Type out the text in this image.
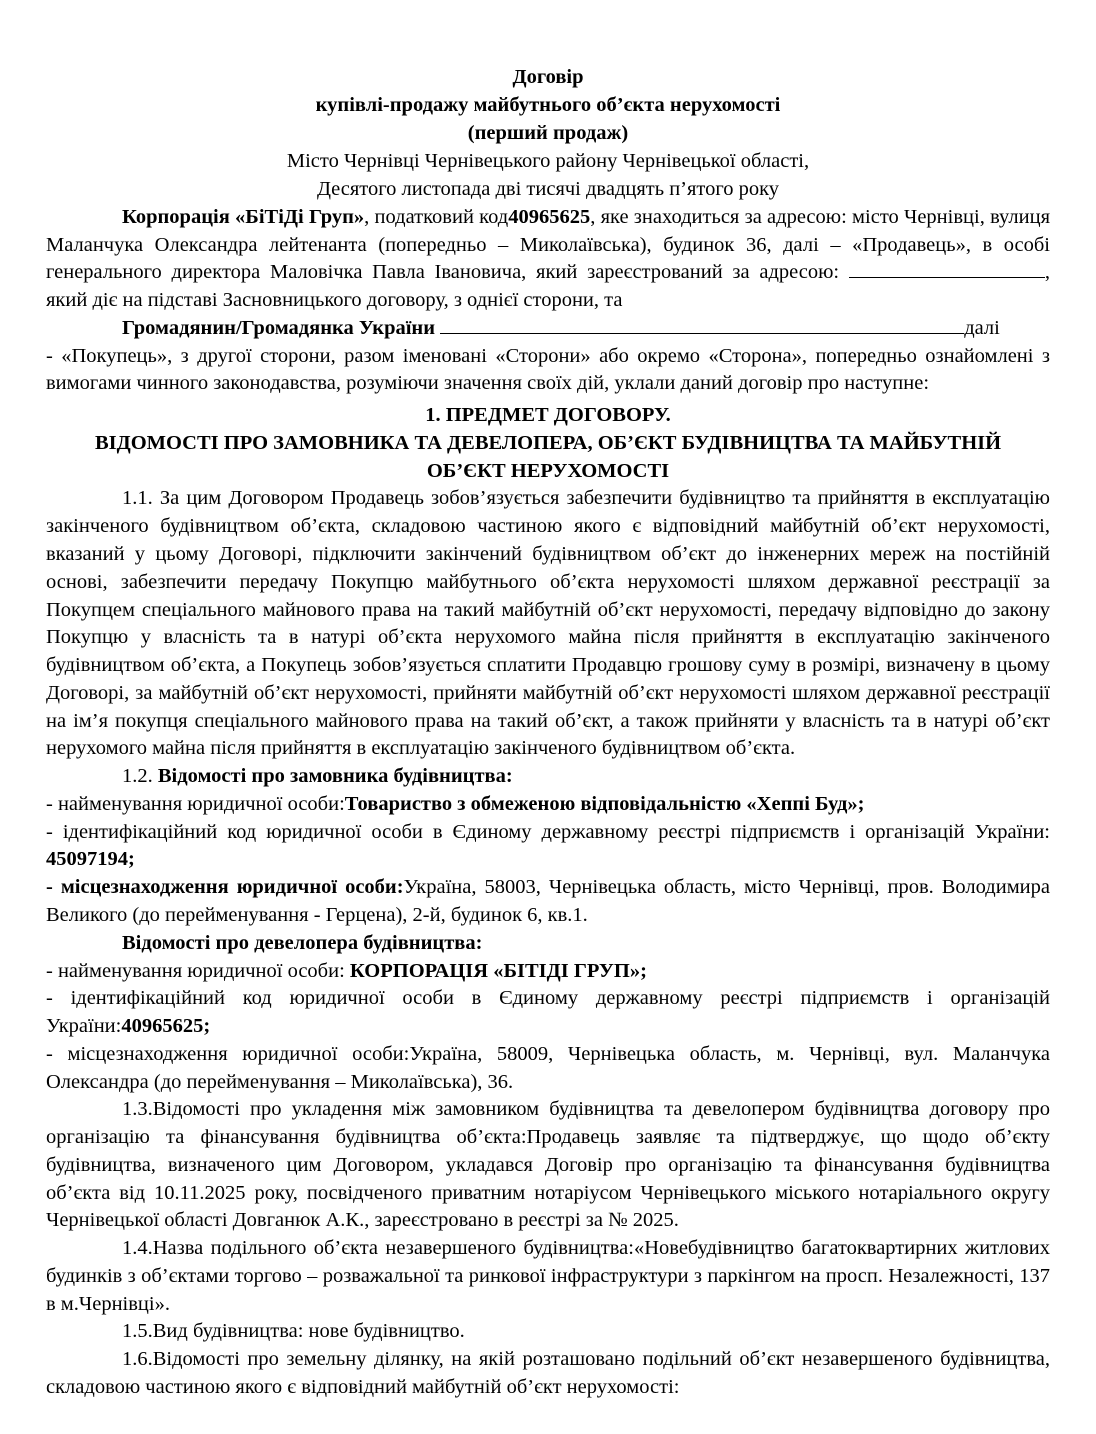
Договір
купівлі-продажу майбутнього об’єкта нерухомості
(перший продаж)
Місто Чернівці Чернівецького району Чернівецької області,
Десятого листопада дві тисячі двадцять п’ятого року

Корпорація «БіТіДі Груп», податковий код40965625, яке знаходиться за адресою: місто Чернівці, вулиця Маланчука Олександра лейтенанта (попередньо – Миколаївська), будинок 36, далі – «Продавець», в особі генерального директора Маловічка Павла Івановича, який зареєстрований за адресою:	, який діє на підставі Засновницького договору, з однієї сторони, та

Громадянин/Громадянка України	далі

- «Покупець», з другої сторони, разом іменовані «Сторони» або окремо «Сторона», попередньо ознайомлені з вимогами чинного законодавства, розуміючи значення своїх дій, уклали даний договір про наступне:

1. ПРЕДМЕТ ДОГОВОРУ.
ВІДОМОСТІ ПРО ЗАМОВНИКА ТА ДЕВЕЛОПЕРА, ОБ’ЄКТ БУДІВНИЦТВА ТА МАЙБУТНІЙ
ОБ’ЄКТ НЕРУХОМОСТІ

1.1. За цим Договором Продавець зобов’язується забезпечити будівництво та прийняття в експлуатацію закінченого будівництвом об’єкта, складовою частиною якого є відповідний майбутній об’єкт нерухомості, вказаний у цьому Договорі, підключити закінчений будівництвом об’єкт до інженерних мереж на постійній основі, забезпечити передачу Покупцю майбутнього об’єкта нерухомості шляхом державної реєстрації за Покупцем спеціального майнового права на такий майбутній об’єкт нерухомості, передачу відповідно до закону Покупцю у власність та в натурі об’єкта нерухомого майна після прийняття в експлуатацію закінченого будівництвом об’єкта, а Покупець зобов’язується сплатити Продавцю грошову суму в розмірі, визначену в цьому Договорі, за майбутній об’єкт нерухомості, прийняти майбутній об’єкт нерухомості шляхом державної реєстрації на ім’я покупця спеціального майнового права на такий об’єкт, а також прийняти у власність та в натурі об’єкт нерухомого майна після прийняття в експлуатацію закінченого будівництвом об’єкта.

1.2. Відомості про замовника будівництва:

- найменування юридичної особи:Товариство з обмеженою відповідальністю «Хеппі Буд»;

- ідентифікаційний код юридичної особи в Єдиному державному реєстрі підприємств і організацій України: 45097194;

- місцезнаходження юридичної особи:Україна, 58003, Чернівецька область, місто Чернівці, пров. Володимира Великого (до перейменування - Герцена), 2-й, будинок 6, кв.1.

Відомості про девелопера будівництва:

- найменування юридичної особи: КОРПОРАЦІЯ «БІТІДІ ГРУП»;

- ідентифікаційний код юридичної особи в Єдиному державному реєстрі підприємств і організацій України:40965625;

- місцезнаходження юридичної особи:Україна, 58009, Чернівецька область, м. Чернівці, вул. Маланчука Олександра (до перейменування – Миколаївська), 36.

1.3.Відомості про укладення між замовником будівництва та девелопером будівництва договору про організацію та фінансування будівництва об’єкта:Продавець заявляє та підтверджує, що щодо об’єкту будівництва, визначеного цим Договором, укладався Договір про організацію та фінансування будівництва об’єкта від 10.11.2025 року, посвідченого приватним нотаріусом Чернівецького міського нотаріального округу Чернівецької області Довганюк А.К., зареєстровано в реєстрі за № 2025.

1.4.Назва подільного об’єкта незавершеного будівництва:«Новебудівництво багатоквартирних житлових будинків з об’єктами торгово – розважальної та ринкової інфраструктури з паркінгом на просп. Незалежності, 137 в м.Чернівці».

1.5.Вид будівництва: нове будівництво.

1.6.Відомості про земельну ділянку, на якій розташовано подільний об’єкт незавершеного будівництва, складовою частиною якого є відповідний майбутній об’єкт нерухомості:
